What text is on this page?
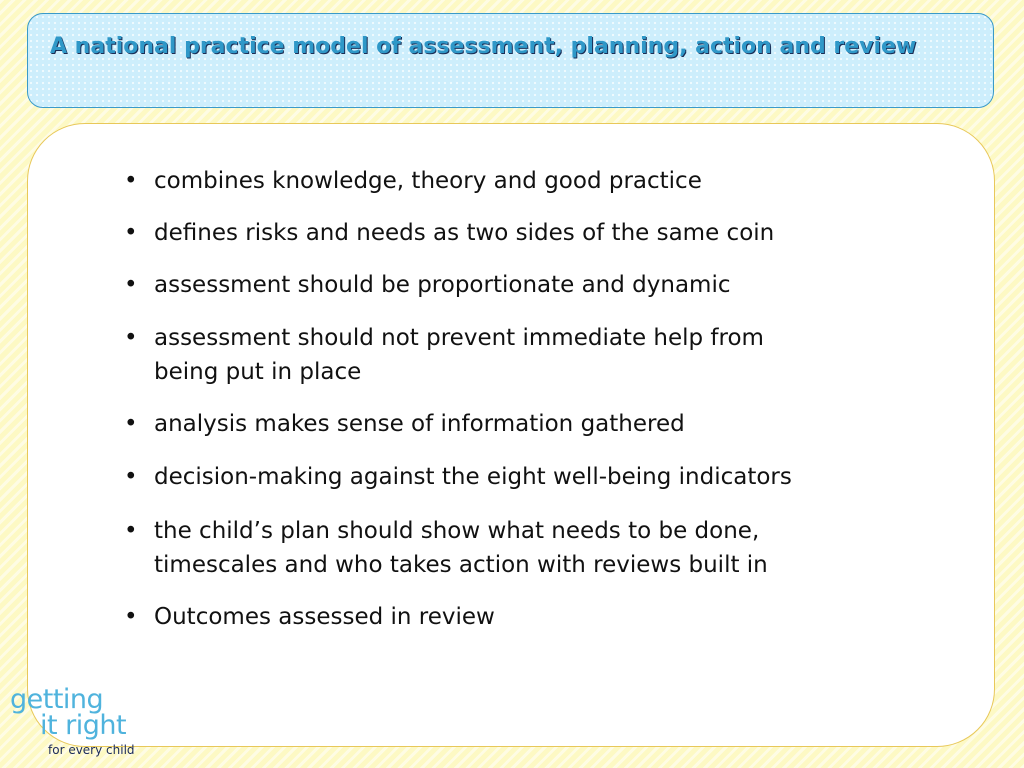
A national practice model of assessment, planning, action and review
• combines knowledge, theory and good practice
• defines risks and needs as two sides of the same coin
• assessment should be proportionate and dynamic
• assessment should not prevent immediate help from
being put in place
• analysis makes sense of information gathered
• decision-making against the eight well-being indicators
• the child’s plan should show what needs to be done,
timescales and who takes action with reviews built in
• Outcomes assessed in review
getting
it right
for every child
